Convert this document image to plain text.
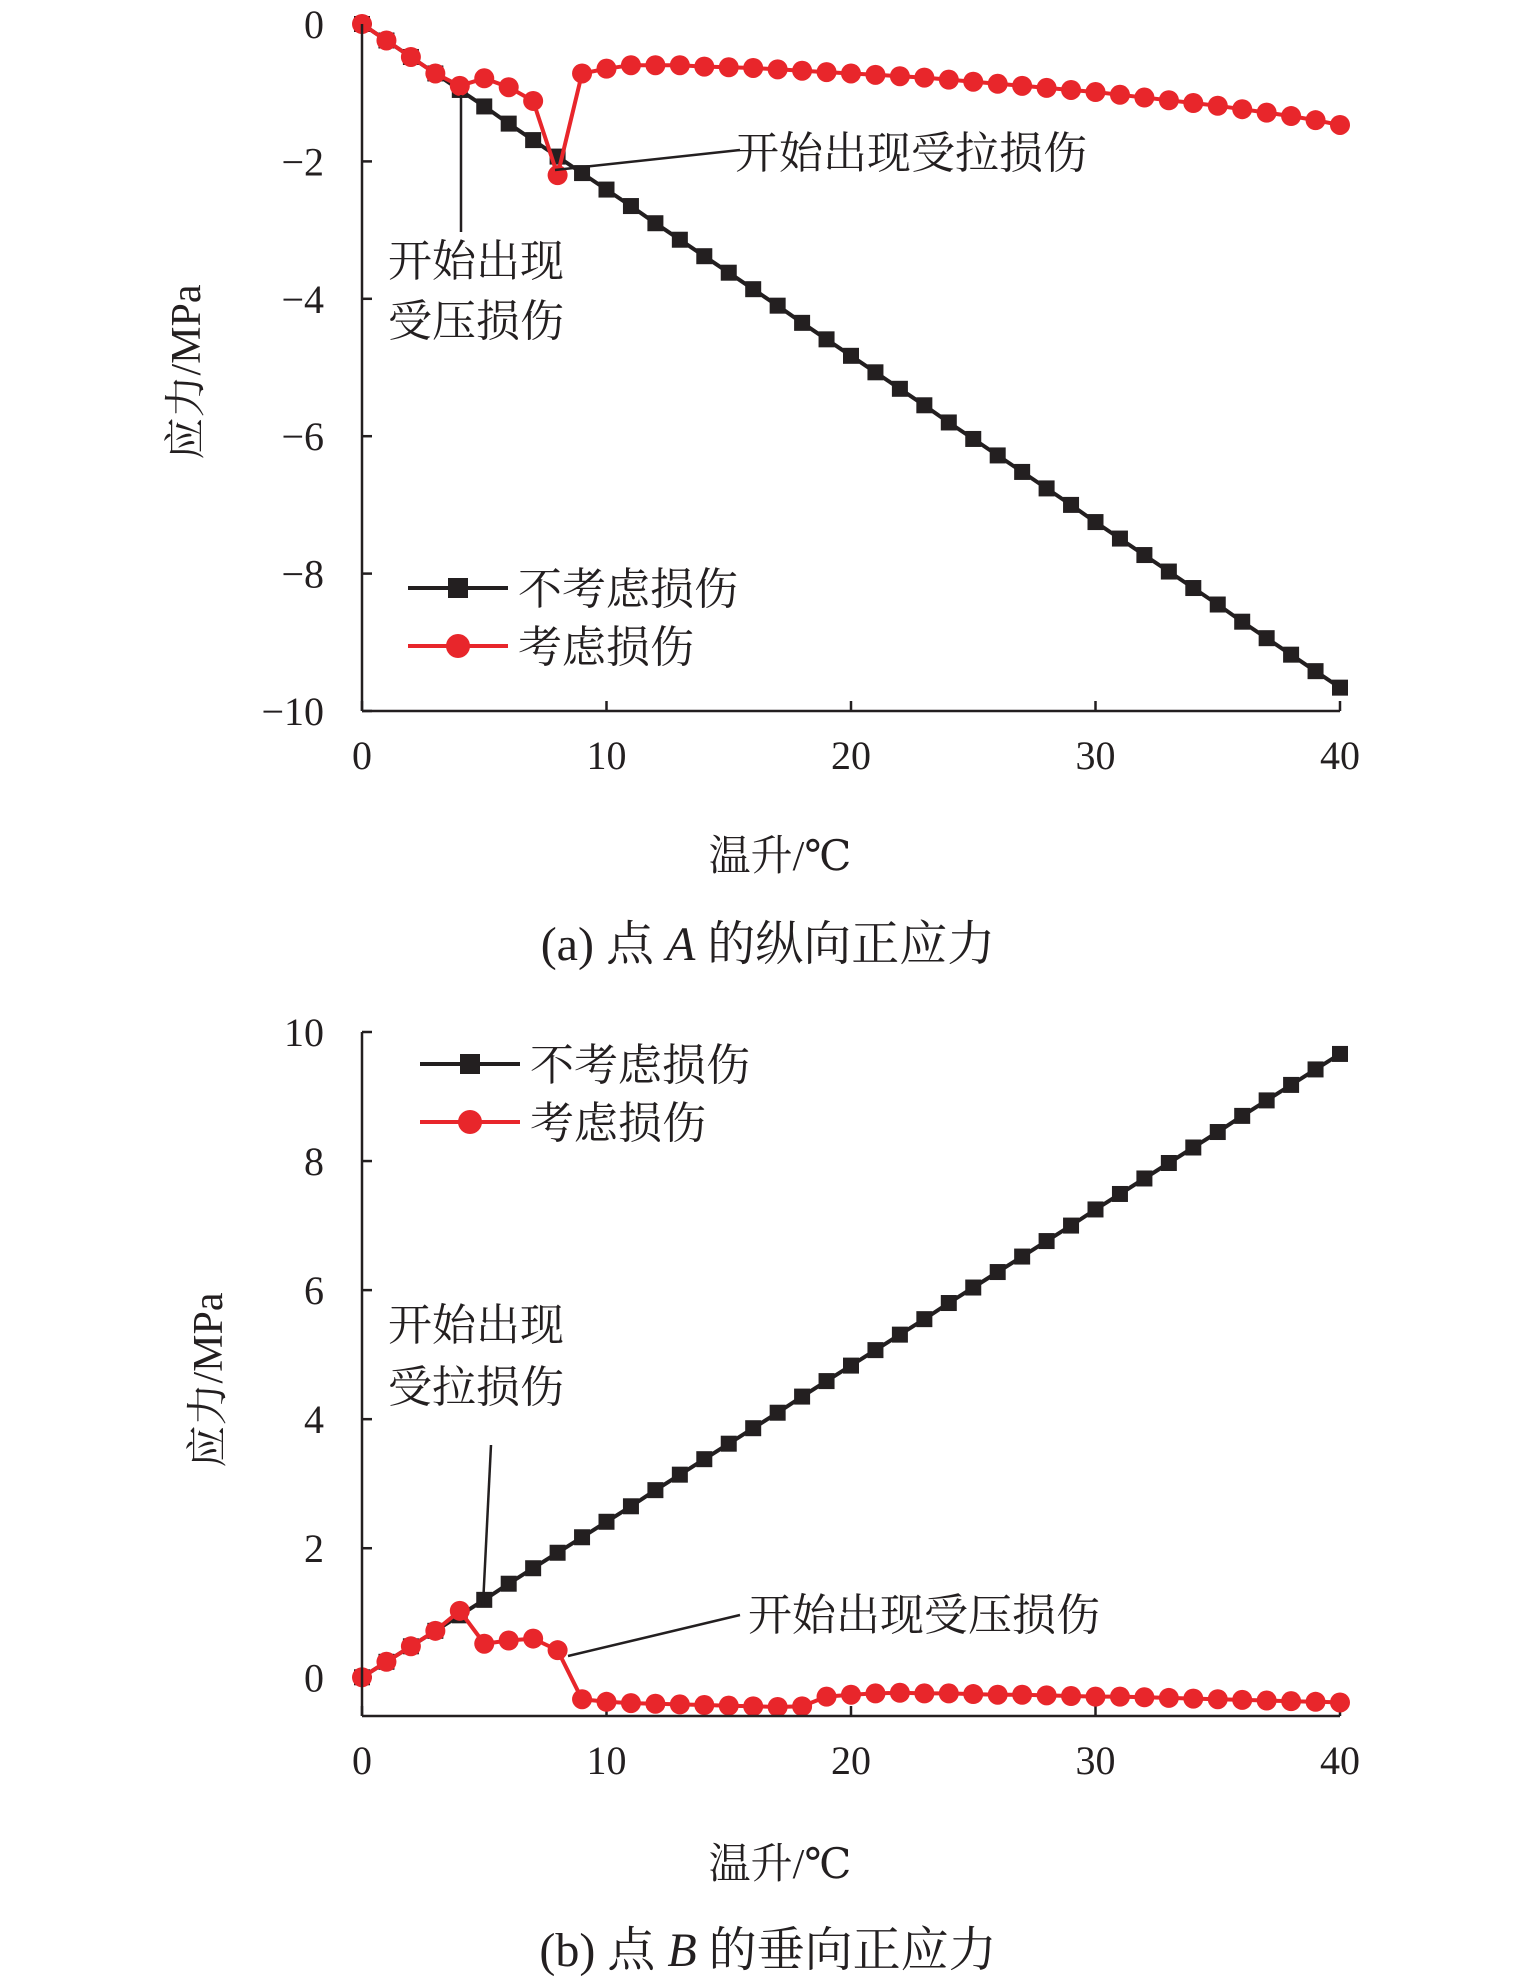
0	10	20	30	40
0
−2
−4
−6
−8
−10
温升/℃
应力/MPa
开始出现受拉损伤
开始出现
受压损伤
不考虑损伤
考虑损伤
(a) 点 A 的纵向正应力
0	10	20	30	40
0
2
4
6
8
10
温升/℃
应力/MPa	开始出现
受拉损伤
开始出现受压损伤
不考虑损伤
考虑损伤
(b) 点 B 的垂向正应力
